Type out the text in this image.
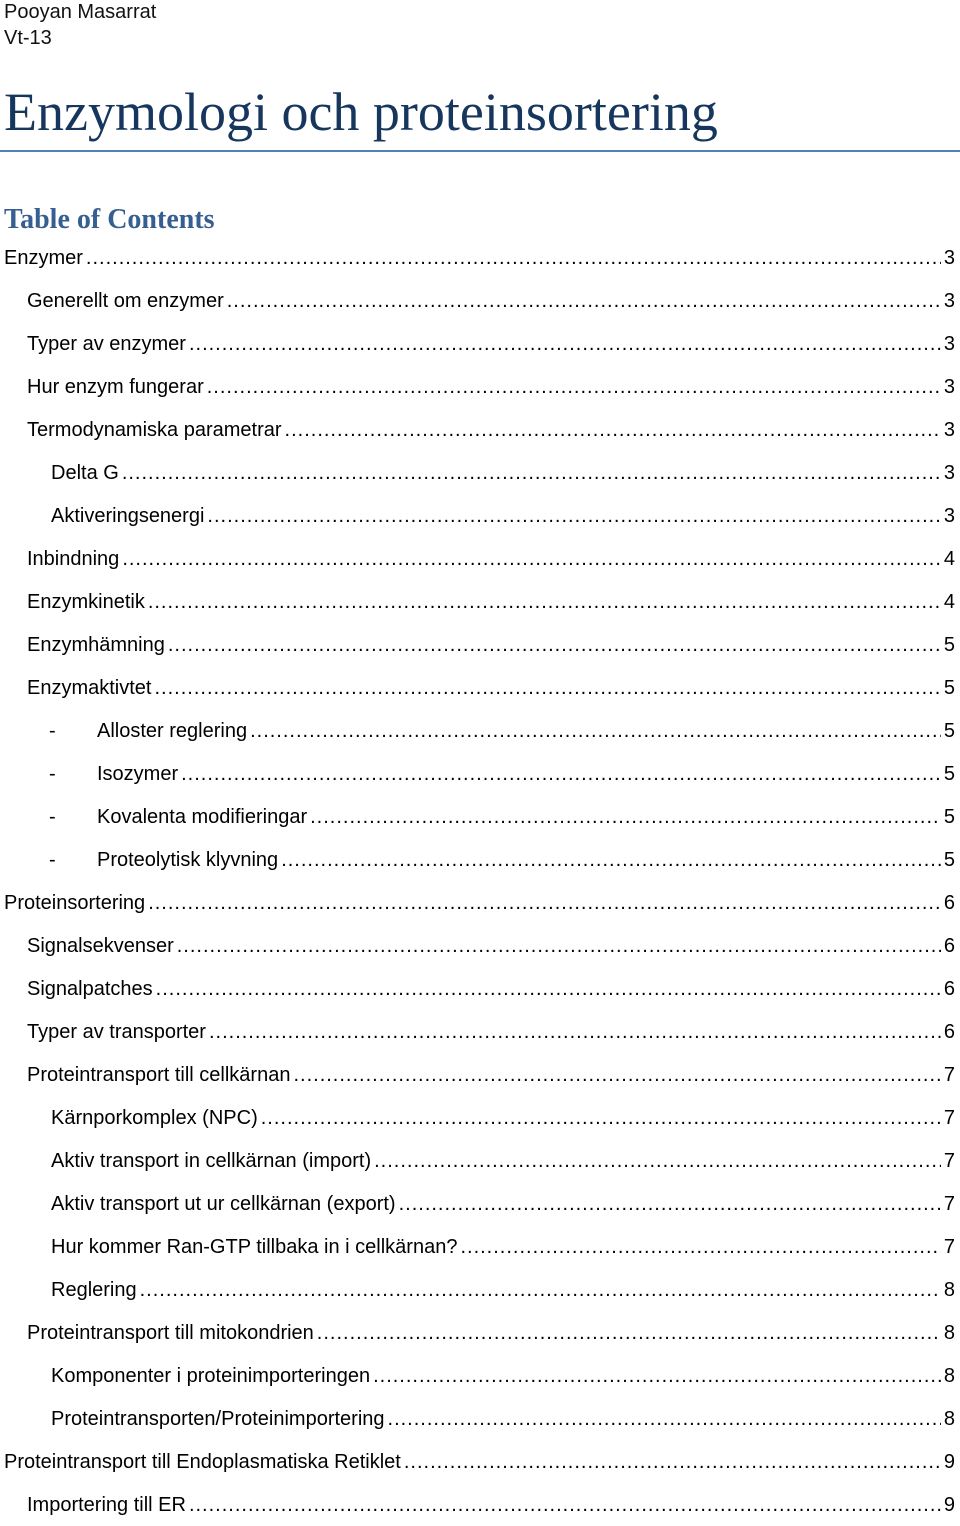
Pooyan Masarrat
Vt-13
Enzymologi och proteinsortering
Table of Contents
Enzymer .....	3
Generellt om enzymer .....	3
Typer av enzymer .....	3
Hur enzym fungerar .....	3
Termodynamiska parametrar .....	3
Delta G .....	3
Aktiveringsenergi .....	3
Inbindning .....	4
Enzymkinetik .....	4
Enzymhämning .....	5
Enzymaktivtet .....	5
-	Alloster reglering .....	5
-	Isozymer .....	5
-	Kovalenta modifieringar .....	5
-	Proteolytisk klyvning .....	5
Proteinsortering .....	6
Signalsekvenser .....	6
Signalpatches .....	6
Typer av transporter .....	6
Proteintransport till cellkärnan .....	7
Kärnporkomplex (NPC) .....	7
Aktiv transport in cellkärnan (import) .....	7
Aktiv transport ut ur cellkärnan (export) .....	7
Hur kommer Ran-GTP tillbaka in i cellkärnan? .....	7
Reglering .....	8
Proteintransport till mitokondrien .....	8
Komponenter i proteinimporteringen .....	8
Proteintransporten/Proteinimportering .....	8
Proteintransport till Endoplasmatiska Retiklet .....	9
Importering till ER .....	9
